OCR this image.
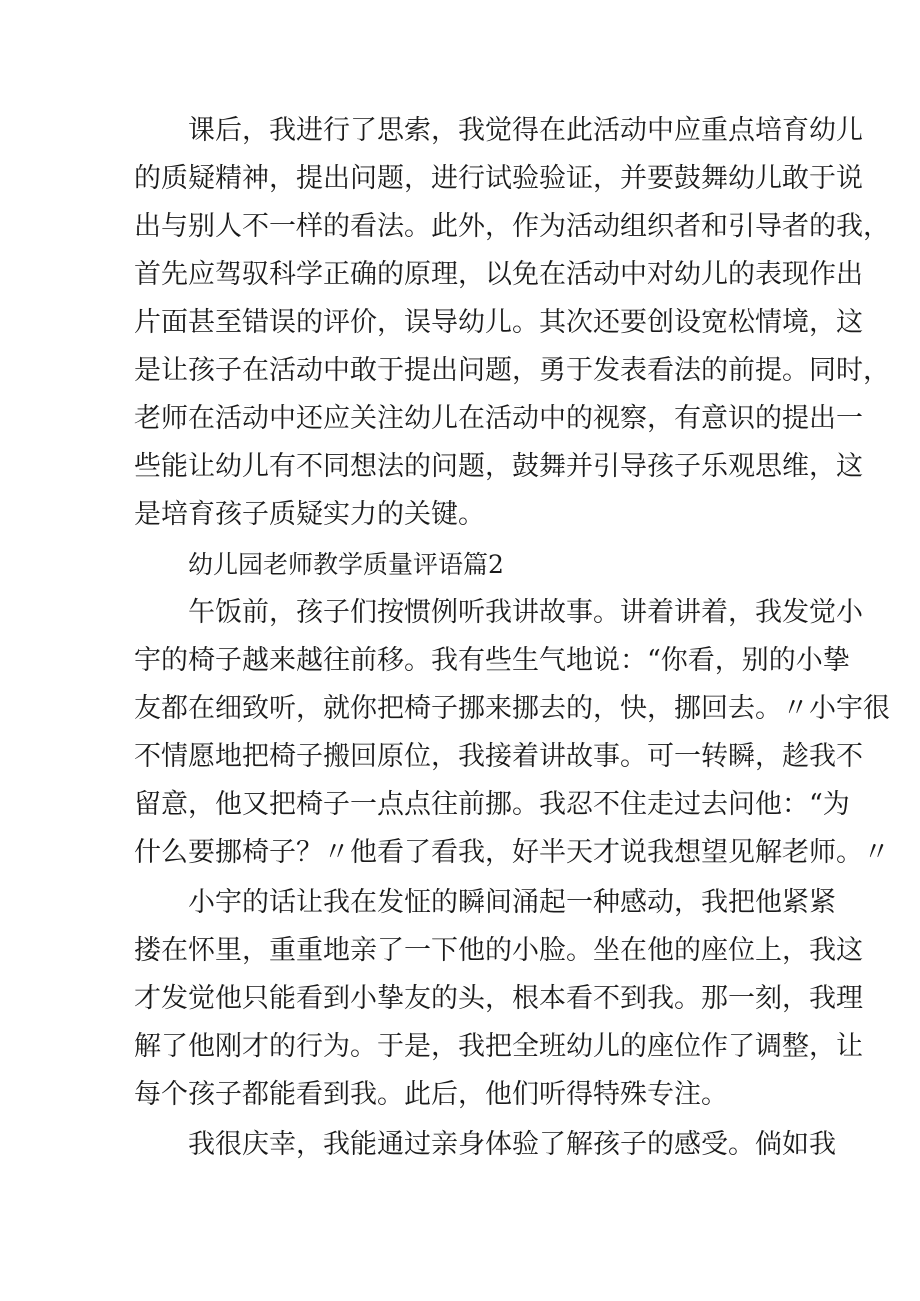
课后，我进行了思索，我觉得在此活动中应重点培育幼儿
的质疑精神，提出问题，进行试验验证，并要鼓舞幼儿敢于说
出与别人不一样的看法。此外，作为活动组织者和引导者的我，
首先应驾驭科学正确的原理，以免在活动中对幼儿的表现作出
片面甚至错误的评价，误导幼儿。其次还要创设宽松情境，这
是让孩子在活动中敢于提出问题，勇于发表看法的前提。同时，
老师在活动中还应关注幼儿在活动中的视察，有意识的提出一
些能让幼儿有不同想法的问题，鼓舞并引导孩子乐观思维，这
是培育孩子质疑实力的关键。
幼儿园老师教学质量评语篇2
午饭前，孩子们按惯例听我讲故事。讲着讲着，我发觉小
宇的椅子越来越往前移。我有些生气地说：“你看，别的小挚
友都在细致听，就你把椅子挪来挪去的，快，挪回去。〃小宇很
不情愿地把椅子搬回原位，我接着讲故事。可一转瞬，趁我不
留意，他又把椅子一点点往前挪。我忍不住走过去问他：“为
什么要挪椅子？〃他看了看我，好半天才说我想望见解老师。〃
小宇的话让我在发怔的瞬间涌起一种感动，我把他紧紧
搂在怀里，重重地亲了一下他的小脸。坐在他的座位上，我这
才发觉他只能看到小挚友的头，根本看不到我。那一刻，我理
解了他刚才的行为。于是，我把全班幼儿的座位作了调整，让
每个孩子都能看到我。此后，他们听得特殊专注。
我很庆幸，我能通过亲身体验了解孩子的感受。倘如我
